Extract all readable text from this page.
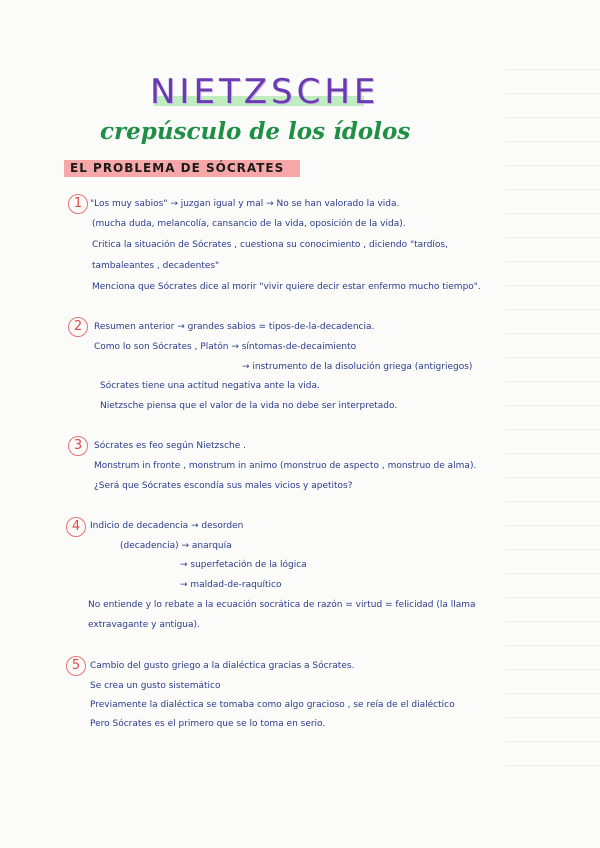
NIETZSCHE
crepúsculo de los ídolos
EL PROBLEMA DE SÓCRATES
1 "Los muy sabios" → juzgan igual y mal → No se han valorado la vida.
(mucha duda, melancolía, cansancio de la vida, oposición de la vida).
Critica la situación de Sócrates , cuestiona su conocimiento , diciendo "tardíos,
tambaleantes , decadentes"
Menciona que Sócrates dice al morir "vivir quiere decir estar enfermo mucho tiempo".
2	Resumen anterior → grandes sabios = tipos-de-la-decadencia.
Como lo son Sócrates , Platón → síntomas-de-decaimiento
→ instrumento de la disolución griega (antigriegos)
Sócrates tiene una actitud negativa ante la vida.
Nietzsche piensa que el valor de la vida no debe ser interpretado.
3	Sócrates es feo según Nietzsche .
Monstrum in fronte , monstrum in animo (monstruo de aspecto , monstruo de alma).
¿Será que Sócrates escondía sus males vicios y apetitos?
4	Indicio de decadencia → desorden
(decadencia) → anarquía
→ superfetación de la lógica
→ maldad-de-raquítico
No entiende y lo rebate a la ecuación socrática de razón = virtud = felicidad (la llama
extravagante y antigua).
5	Cambio del gusto griego a la dialéctica gracias a Sócrates.
Se crea un gusto sistemático
Previamente la dialéctica se tomaba como algo gracioso , se reía de el dialéctico
Pero Sócrates es el primero que se lo toma en serio.
